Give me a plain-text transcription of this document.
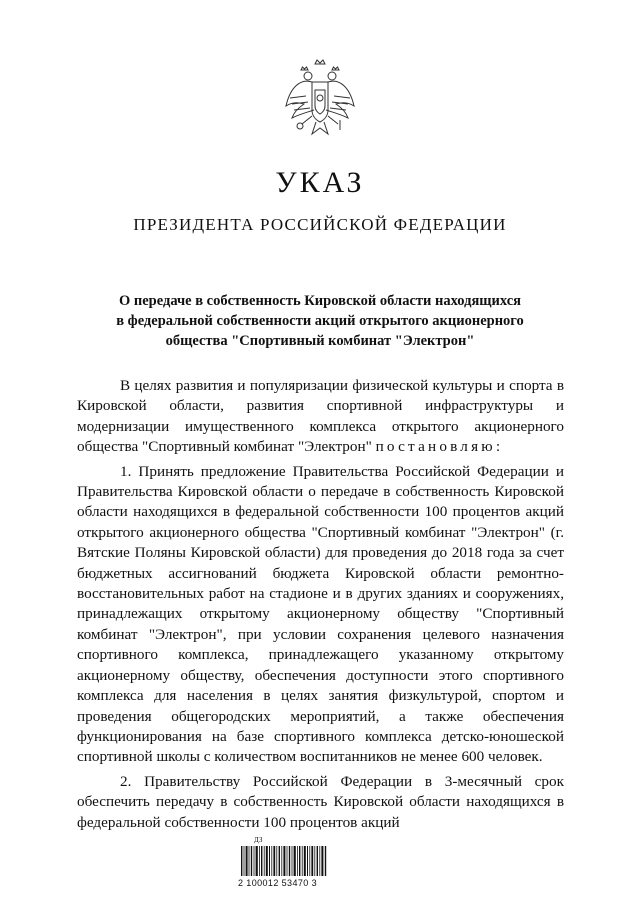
УКАЗ
ПРЕЗИДЕНТА РОССИЙСКОЙ ФЕДЕРАЦИИ
О передаче в собственность Кировской области находящихся
в федеральной собственности акций открытого акционерного
общества "Спортивный комбинат "Электрон"

В целях развития и популяризации физической культуры и спорта в Кировской области, развития спортивной инфраструктуры и модернизации имущественного комплекса открытого акционерного общества "Спортивный комбинат "Электрон" постановляю:

1. Принять предложение Правительства Российской Федерации и Правительства Кировской области о передаче в собственность Кировской области находящихся в федеральной собственности 100 процентов акций открытого акционерного общества "Спортивный комбинат "Электрон" (г. Вятские Поляны Кировской области) для проведения до 2018 года за счет бюджетных ассигнований бюджета Кировской области ремонтно-восстановительных работ на стадионе и в других зданиях и сооружениях, принадлежащих открытому акционерному обществу "Спортивный комбинат "Электрон", при условии сохранения целевого назначения спортивного комплекса, принадлежащего указанному открытому акционерному обществу, обеспечения доступности этого спортивного комплекса для населения в целях занятия физкультурой, спортом и проведения общегородских мероприятий, а также обеспечения функционирования на базе спортивного комплекса детско-юношеской спортивной школы с количеством воспитанников не менее 600 человек.

2. Правительству Российской Федерации в 3-месячный срок обеспечить передачу в собственность Кировской области находящихся в федеральной собственности 100 процентов акций

ДЗ
2 100012 53470 3
